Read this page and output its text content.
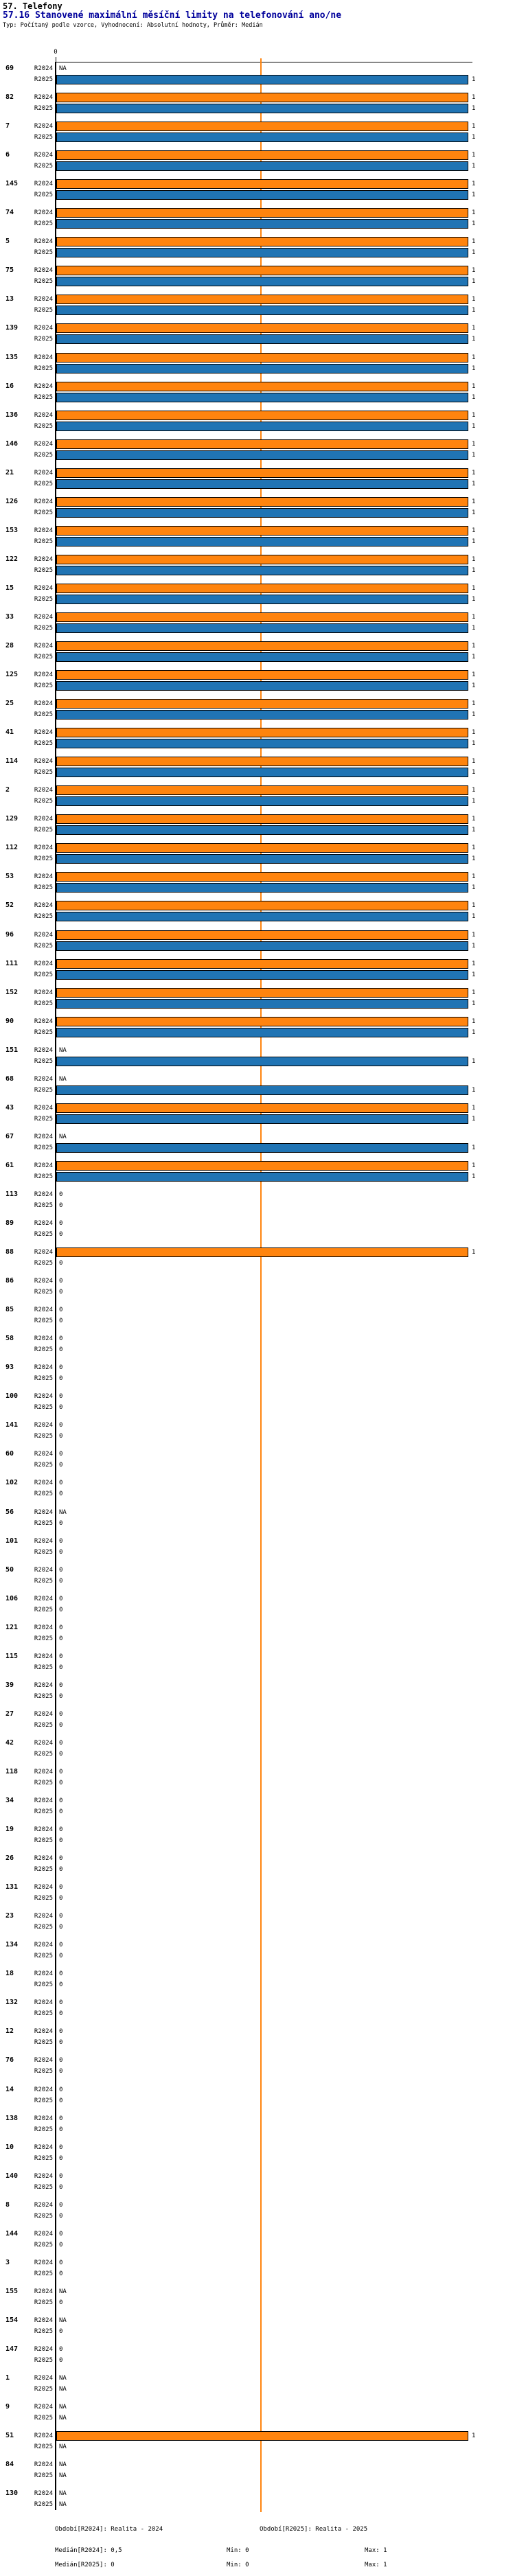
57. Telefony
57.16 Stanovené maximální měsíční limity na telefonování ano/ne
Typ: Počítaný podle vzorce, Vyhodnocení: Absolutní hodnoty, Průměr: Medián
0
69	R2024 NA
R2025	1
82	R2024	1
R2025	1
7	R2024	1
R2025	1
6	R2024	1
R2025	1
145	R2024	1
R2025	1
74	R2024	1
R2025	1
5	R2024	1
R2025	1
75	R2024	1
R2025	1
13	R2024	1
R2025	1
139	R2024	1
R2025	1
135	R2024	1
R2025	1
16	R2024	1
R2025	1
136	R2024	1
R2025	1
146	R2024	1
R2025	1
21	R2024	1
R2025	1
126	R2024	1
R2025	1
153	R2024	1
R2025	1
122	R2024	1
R2025	1
15	R2024	1
R2025	1
33	R2024	1
R2025	1
28	R2024	1
R2025	1
125	R2024	1
R2025	1
25	R2024	1
R2025	1
41	R2024	1
R2025	1
114	R2024	1
R2025	1
2	R2024	1
R2025	1
129	R2024	1
R2025	1
112	R2024	1
R2025	1
53	R2024	1
R2025	1
52	R2024	1
R2025	1
96	R2024	1
R2025	1
111	R2024	1
R2025	1
152	R2024	1
R2025	1
90	R2024	1
R2025	1
151	R2024 NA
R2025	1
68	R2024 NA
R2025	1
43	R2024	1
R2025	1
67	R2024 NA
R2025	1
61	R2024	1
R2025	1
113	R2024 0
R2025 0
89	R2024 0
R2025 0
88	R2024	1
R2025 0
86	R2024 0
R2025 0
85	R2024 0
R2025 0
58	R2024 0
R2025 0
93	R2024 0
R2025 0
100	R2024 0
R2025 0
141	R2024 0
R2025 0
60	R2024 0
R2025 0
102	R2024 0
R2025 0
56	R2024 NA
R2025 0
101	R2024 0
R2025 0
50	R2024 0
R2025 0
106	R2024 0
R2025 0
121	R2024 0
R2025 0
115	R2024 0
R2025 0
39	R2024 0
R2025 0
27	R2024 0
R2025 0
42	R2024 0
R2025 0
118	R2024 0
R2025 0
34	R2024 0
R2025 0
19	R2024 0
R2025 0
26	R2024 0
R2025 0
131	R2024 0
R2025 0
23	R2024 0
R2025 0
134	R2024 0
R2025 0
18	R2024 0
R2025 0
132	R2024 0
R2025 0
12	R2024 0
R2025 0
76	R2024 0
R2025 0
14	R2024 0
R2025 0
138	R2024 0
R2025 0
10	R2024 0
R2025 0
140	R2024 0
R2025 0
8	R2024 0
R2025 0
144	R2024 0
R2025 0
3	R2024 0
R2025 0
155	R2024 NA
R2025 0
154	R2024 NA
R2025 0
147	R2024 0
R2025 0
1	R2024 NA
R2025 NA
9	R2024 NA
R2025 NA
51	R2024	1
R2025 NA
84	R2024 NA
R2025 NA
130	R2024 NA
R2025 NA
Období[R2024]: Realita - 2024	Období[R2025]: Realita - 2025
Medián[R2024]: 0,5	Min: 0	Max: 1
Medián[R2025]: 0	Min: 0	Max: 1
